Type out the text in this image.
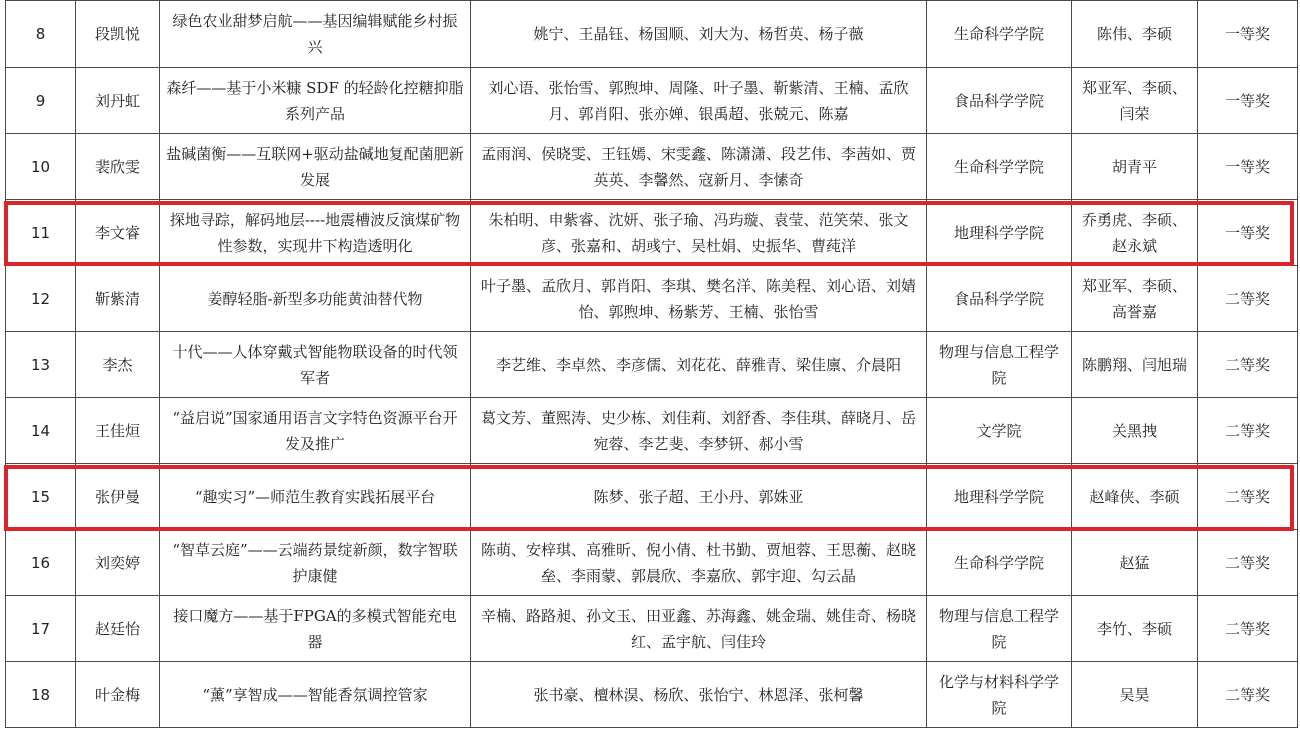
8	段凯悦	绿色农业甜梦启航——基因编辑赋能乡村振兴	姚宁、王晶钰、杨国顺、刘大为、杨哲英、杨子薇	生命科学学院	陈伟、李硕	一等奖
9	刘丹虹	森纤——基于小米糠 SDF 的轻龄化控糖抑脂系列产品	刘心语、张怡雪、郭煦坤、周隆、叶子墨、靳紫清、王楠、孟欣月、郭肖阳、张亦婵、银禹超、张兢元、陈嘉	食品科学学院	郑亚军、李硕、闫荣	一等奖
10	裴欣雯	盐碱菌衡——互联网+驱动盐碱地复配菌肥新发展	孟雨润、侯晓雯、王钰嫣、宋雯鑫、陈潇潇、段艺伟、李茜如、贾英英、李馨然、寇新月、李愫奇	生命科学学院	胡青平	一等奖
11	李文睿	探地寻踪，解码地层----地震槽波反演煤矿物性参数，实现井下构造透明化	朱柏明、申紫睿、沈妍、张子瑜、冯玙璇、袁莹、范笑荣、张文彦、张嘉和、胡彧宁、吴杜娟、史振华、曹莼洋	地理科学学院	乔勇虎、李硕、赵永斌	一等奖
12	靳紫清	姜醇轻脂-新型多功能黄油替代物	叶子墨、孟欣月、郭肖阳、李琪、樊名洋、陈美程、刘心语、刘婧怡、郭煦坤、杨紫芳、王楠、张怡雪	食品科学学院	郑亚军、李硕、高誉嘉	二等奖
13	李杰	十代——人体穿戴式智能物联设备的时代领军者	李艺维、李卓然、李彦儒、刘花花、薛雅青、梁佳廪、介晨阳	物理与信息工程学院	陈鹏翔、闫旭瑞	二等奖
14	王佳烜	“益启说”国家通用语言文字特色资源平台开发及推广	葛文芳、董熙涛、史少栋、刘佳莉、刘舒香、李佳琪、薛晓月、岳宛蓉、李艺斐、李梦钘、郝小雪	文学院	关黑拽	二等奖
15	张伊曼	“趣实习”—师范生教育实践拓展平台	陈梦、张子超、王小丹、郭姝亚	地理科学学院	赵峰侠、李硕	二等奖
16	刘奕婷	“智草云庭”——云端药景绽新颜，数字智联护康健	陈萌、安梓琪、高雅昕、倪小倩、杜书勤、贾旭蓉、王思蘅、赵晓垒、李雨蒙、郭晨欣、李嘉欣、郭宇迎、勾云晶	生命科学学院	赵猛	二等奖
17	赵廷怡	接口魔方——基于FPGA的多模式智能充电器	辛楠、路路昶、孙文玉、田亚鑫、苏海鑫、姚金瑞、姚佳奇、杨晓红、孟宇航、闫佳玲	物理与信息工程学院	李竹、李硕	二等奖
18	叶金梅	“薰”享智成——智能香氛调控管家	张书豪、檀林淏、杨欣、张怡宁、林恩泽、张柯馨	化学与材料科学学院	吴昊	二等奖
